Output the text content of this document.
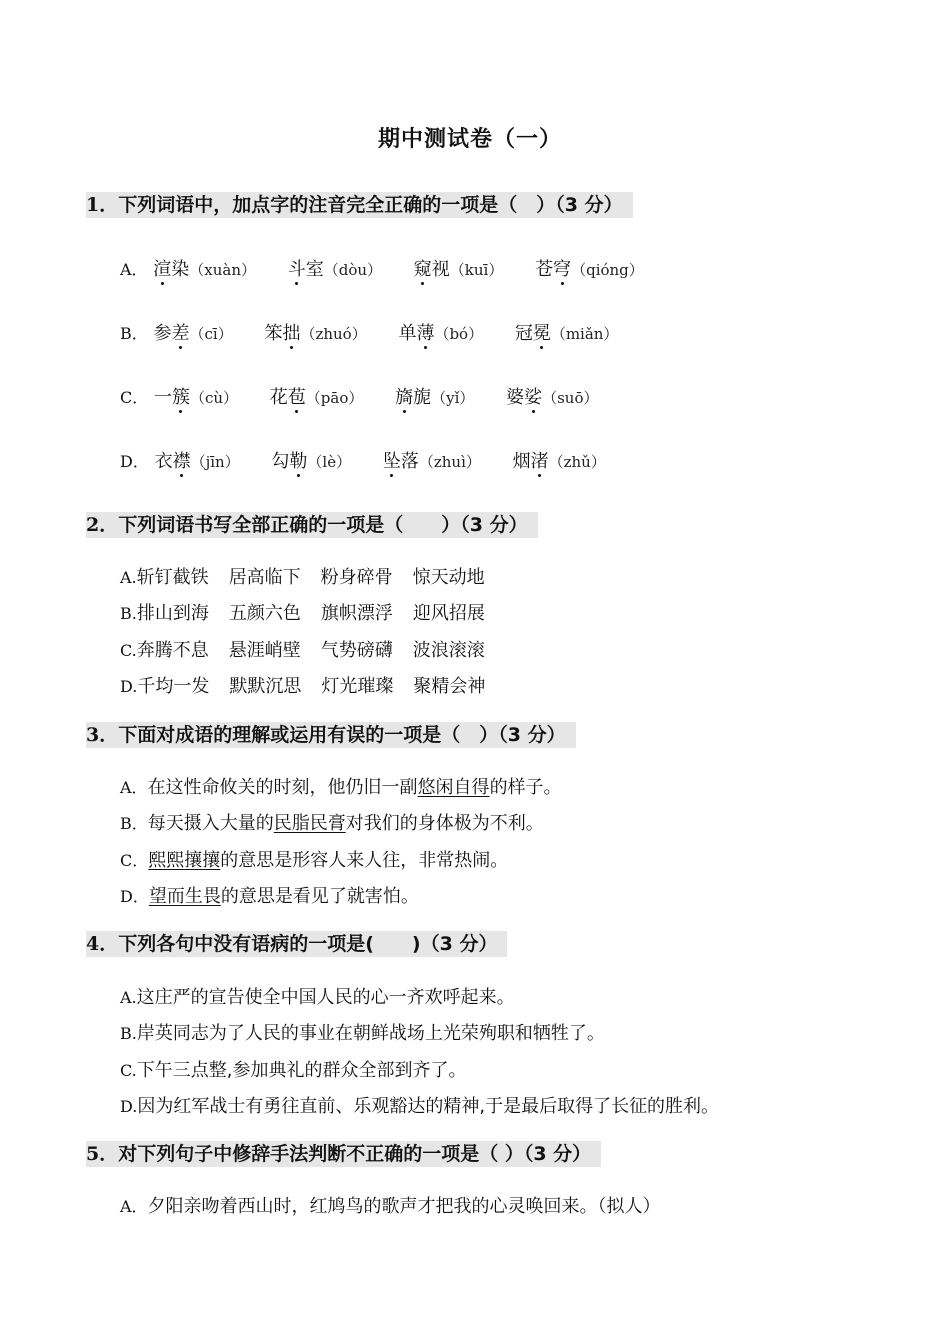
期中测试卷（一）
1．下列词语中，加点字的注音完全正确的一项是（　）（3 分）
A． 渲染（xuàn） 斗室（dòu） 窥视（kuī） 苍穹（qióng）
B． 参差（cī） 笨拙（zhuó） 单薄（bó） 冠冕（miǎn）
C． 一簇（cù） 花苞（pāo） 旖旎（yǐ） 婆娑（suō）
D． 衣襟（jīn） 勾勒（lè） 坠落（zhuì） 烟渚（zhǔ）
2．下列词语书写全部正确的一项是（　　）（3 分）
A.斩钉截铁 居高临下 粉身碎骨 惊天动地
B.排山到海 五颜六色 旗帜漂浮 迎风招展
C.奔腾不息 悬涯峭壁 气势磅礴 波浪滚滚
D.千均一发 默默沉思 灯光璀璨 聚精会神
3．下面对成语的理解或运用有误的一项是（　）（3 分）
A．在这性命攸关的时刻，他仍旧一副悠闲自得的样子。
B．每天摄入大量的民脂民膏对我们的身体极为不利。
C．熙熙攘攘的意思是形容人来人往，非常热闹。
D．望而生畏的意思是看见了就害怕。
4．下列各句中没有语病的一项是(　　)（3 分）
A.这庄严的宣告使全中国人民的心一齐欢呼起来。
B.岸英同志为了人民的事业在朝鲜战场上光荣殉职和牺牲了。
C.下午三点整,参加典礼的群众全部到齐了。
D.因为红军战士有勇往直前、乐观豁达的精神,于是最后取得了长征的胜利。
5．对下列句子中修辞手法判断不正确的一项是（ ）（3 分）
A．夕阳亲吻着西山时，红鸠鸟的歌声才把我的心灵唤回来。（拟人）
